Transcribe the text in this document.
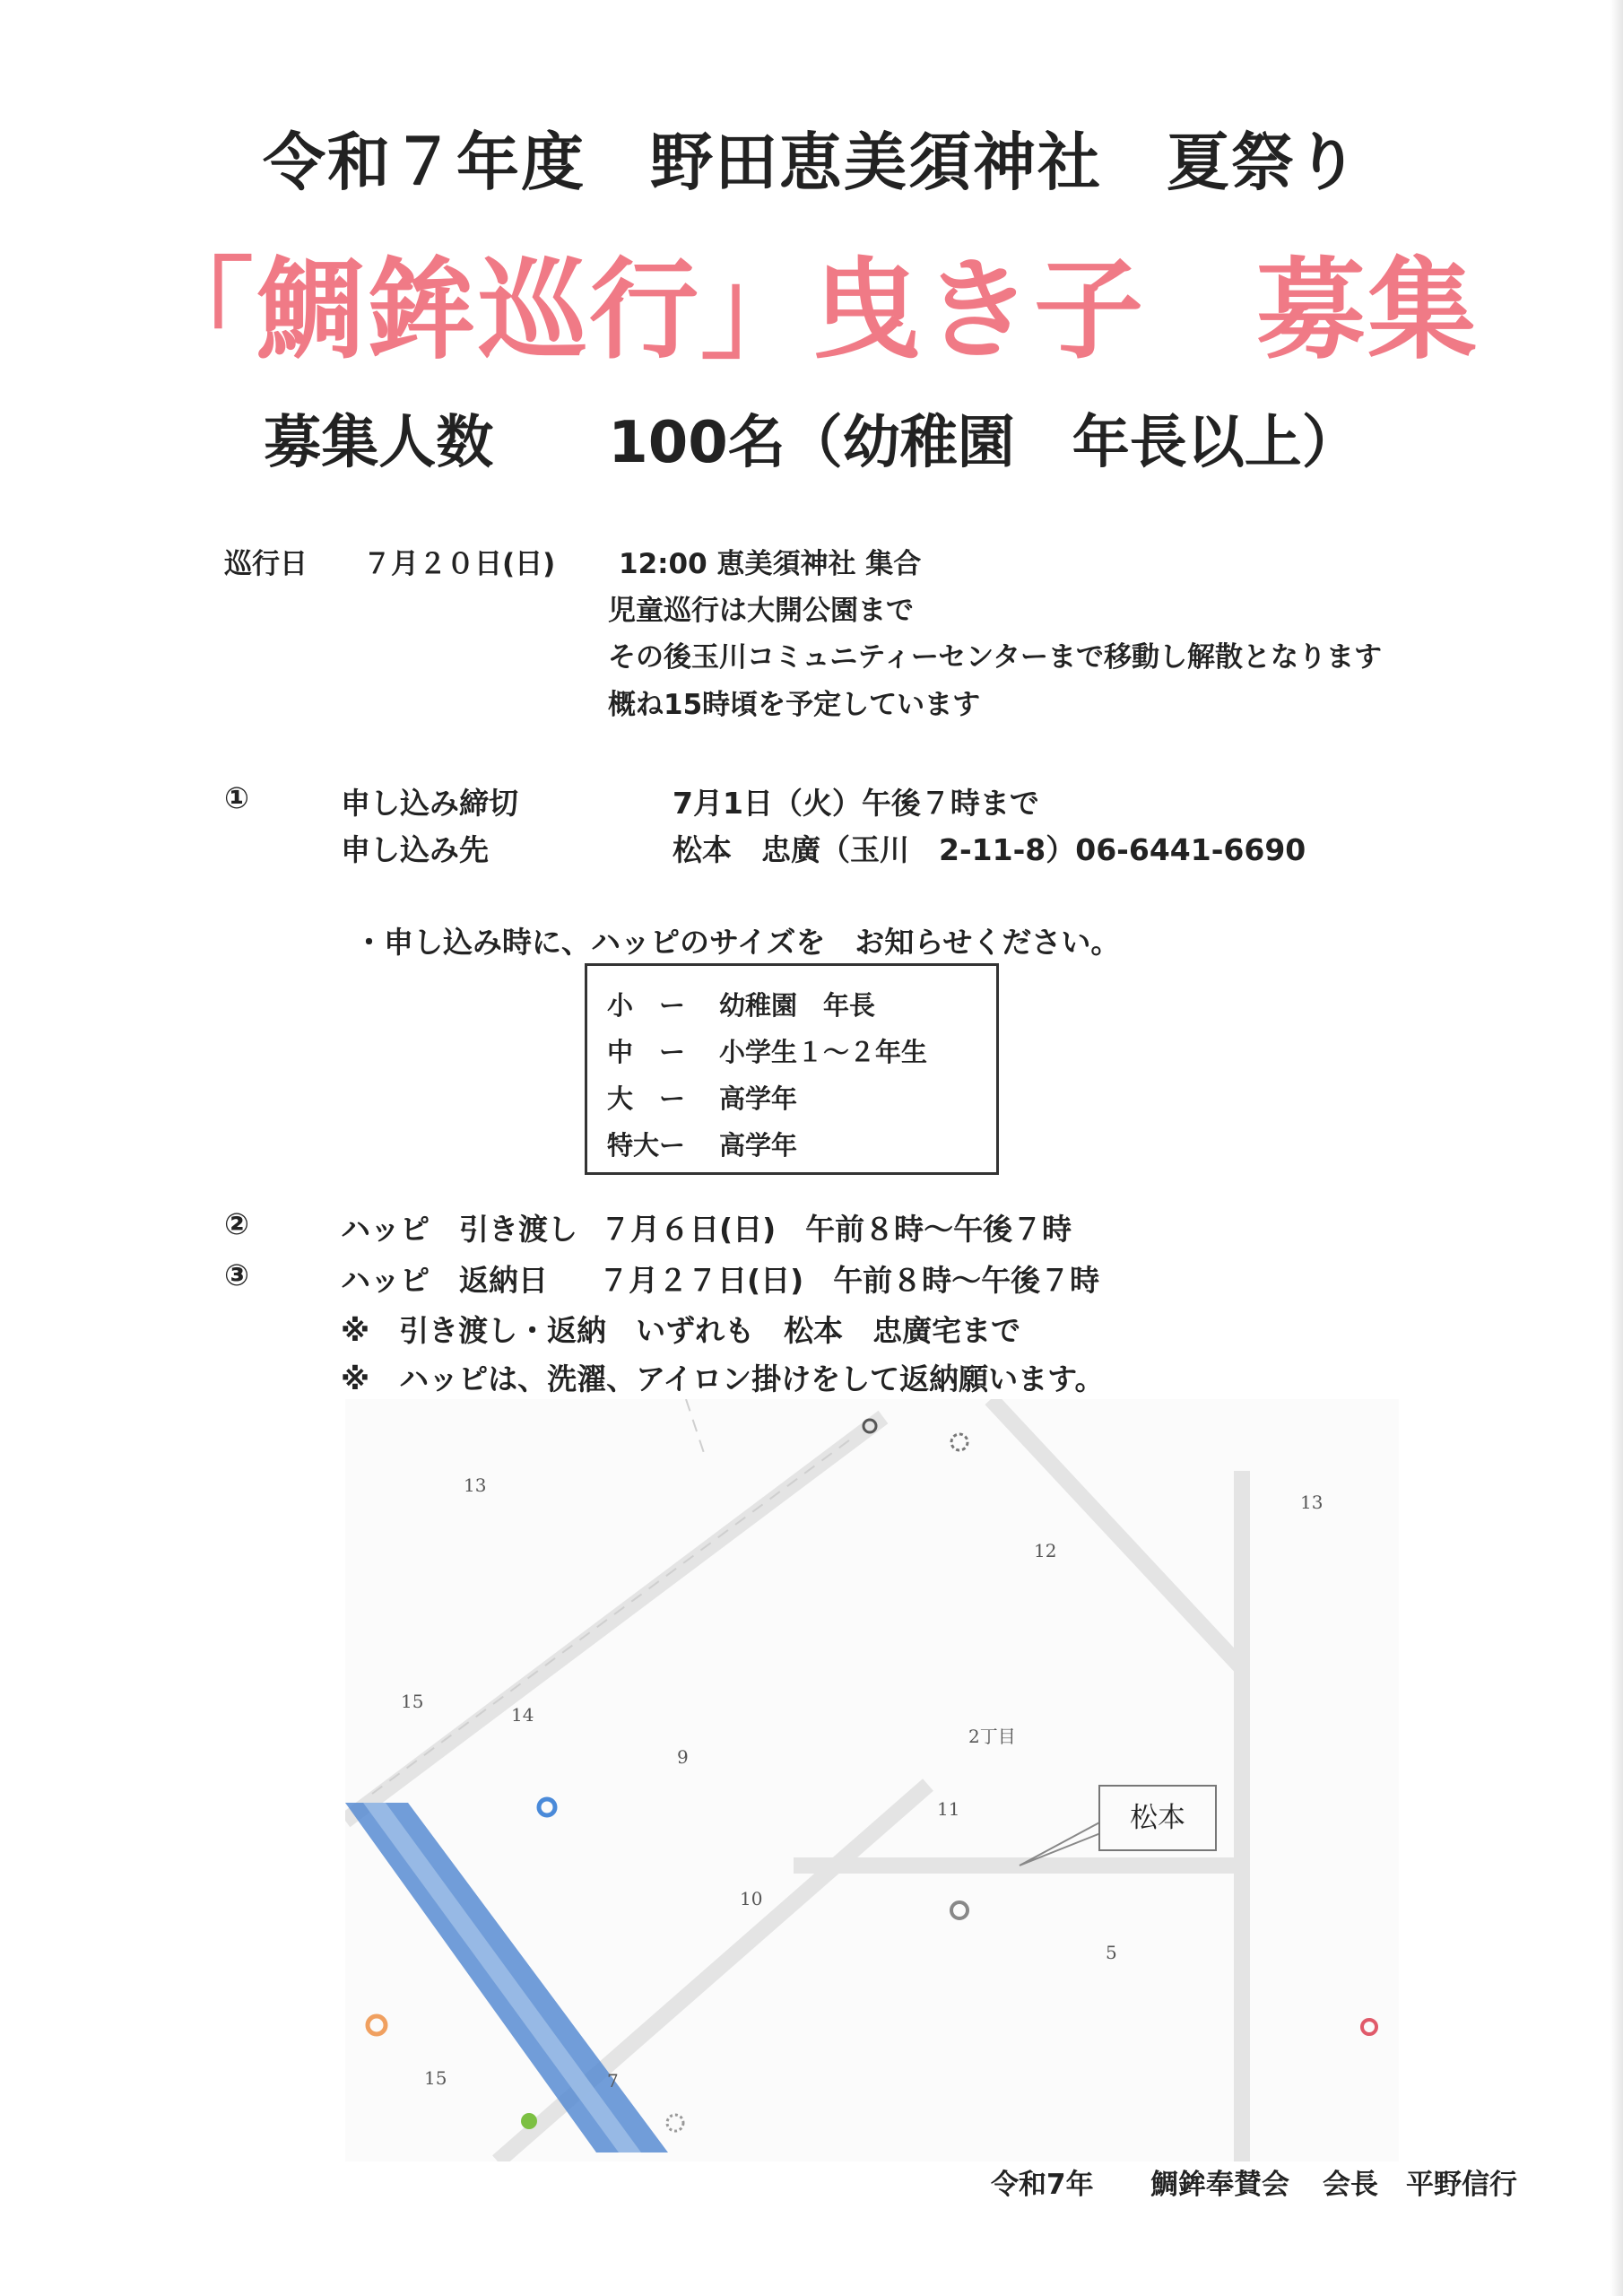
令和７年度　野田恵美須神社　夏祭り
「鯛鉾巡行」曳き子　募集
募集人数　　100名（幼稚園　年長以上）
巡行日 ７月２０日(日) 12:00 恵美須神社 集合
児童巡行は大開公園まで
その後玉川コミュニティーセンターまで移動し解散となります
概ね15時頃を予定しています
①	申し込み締切	7月1日（火）午後７時まで
申し込み先	松本　忠廣（玉川　2-11-8）06-6441-6690
・申し込み時に、ハッピのサイズを　お知らせください。
小　ー 幼稚園　年長
中　ー 小学生１～２年生
大　ー 高学年
特大ー 高学年
②	ハッピ　引き渡し ７月６日(日)　午前８時～午後７時
③	ハッピ　返納日 ７月２７日(日)　午前８時～午後７時
※　引き渡し・返納　いずれも　松本　忠廣宅まで
※　ハッピは、洗濯、アイロン掛けをして返納願います。
13
12
13
15
14
9
2丁目
11
10
5
15	7
松本
令和7年 鯛鉾奉賛会 会長　平野信行
